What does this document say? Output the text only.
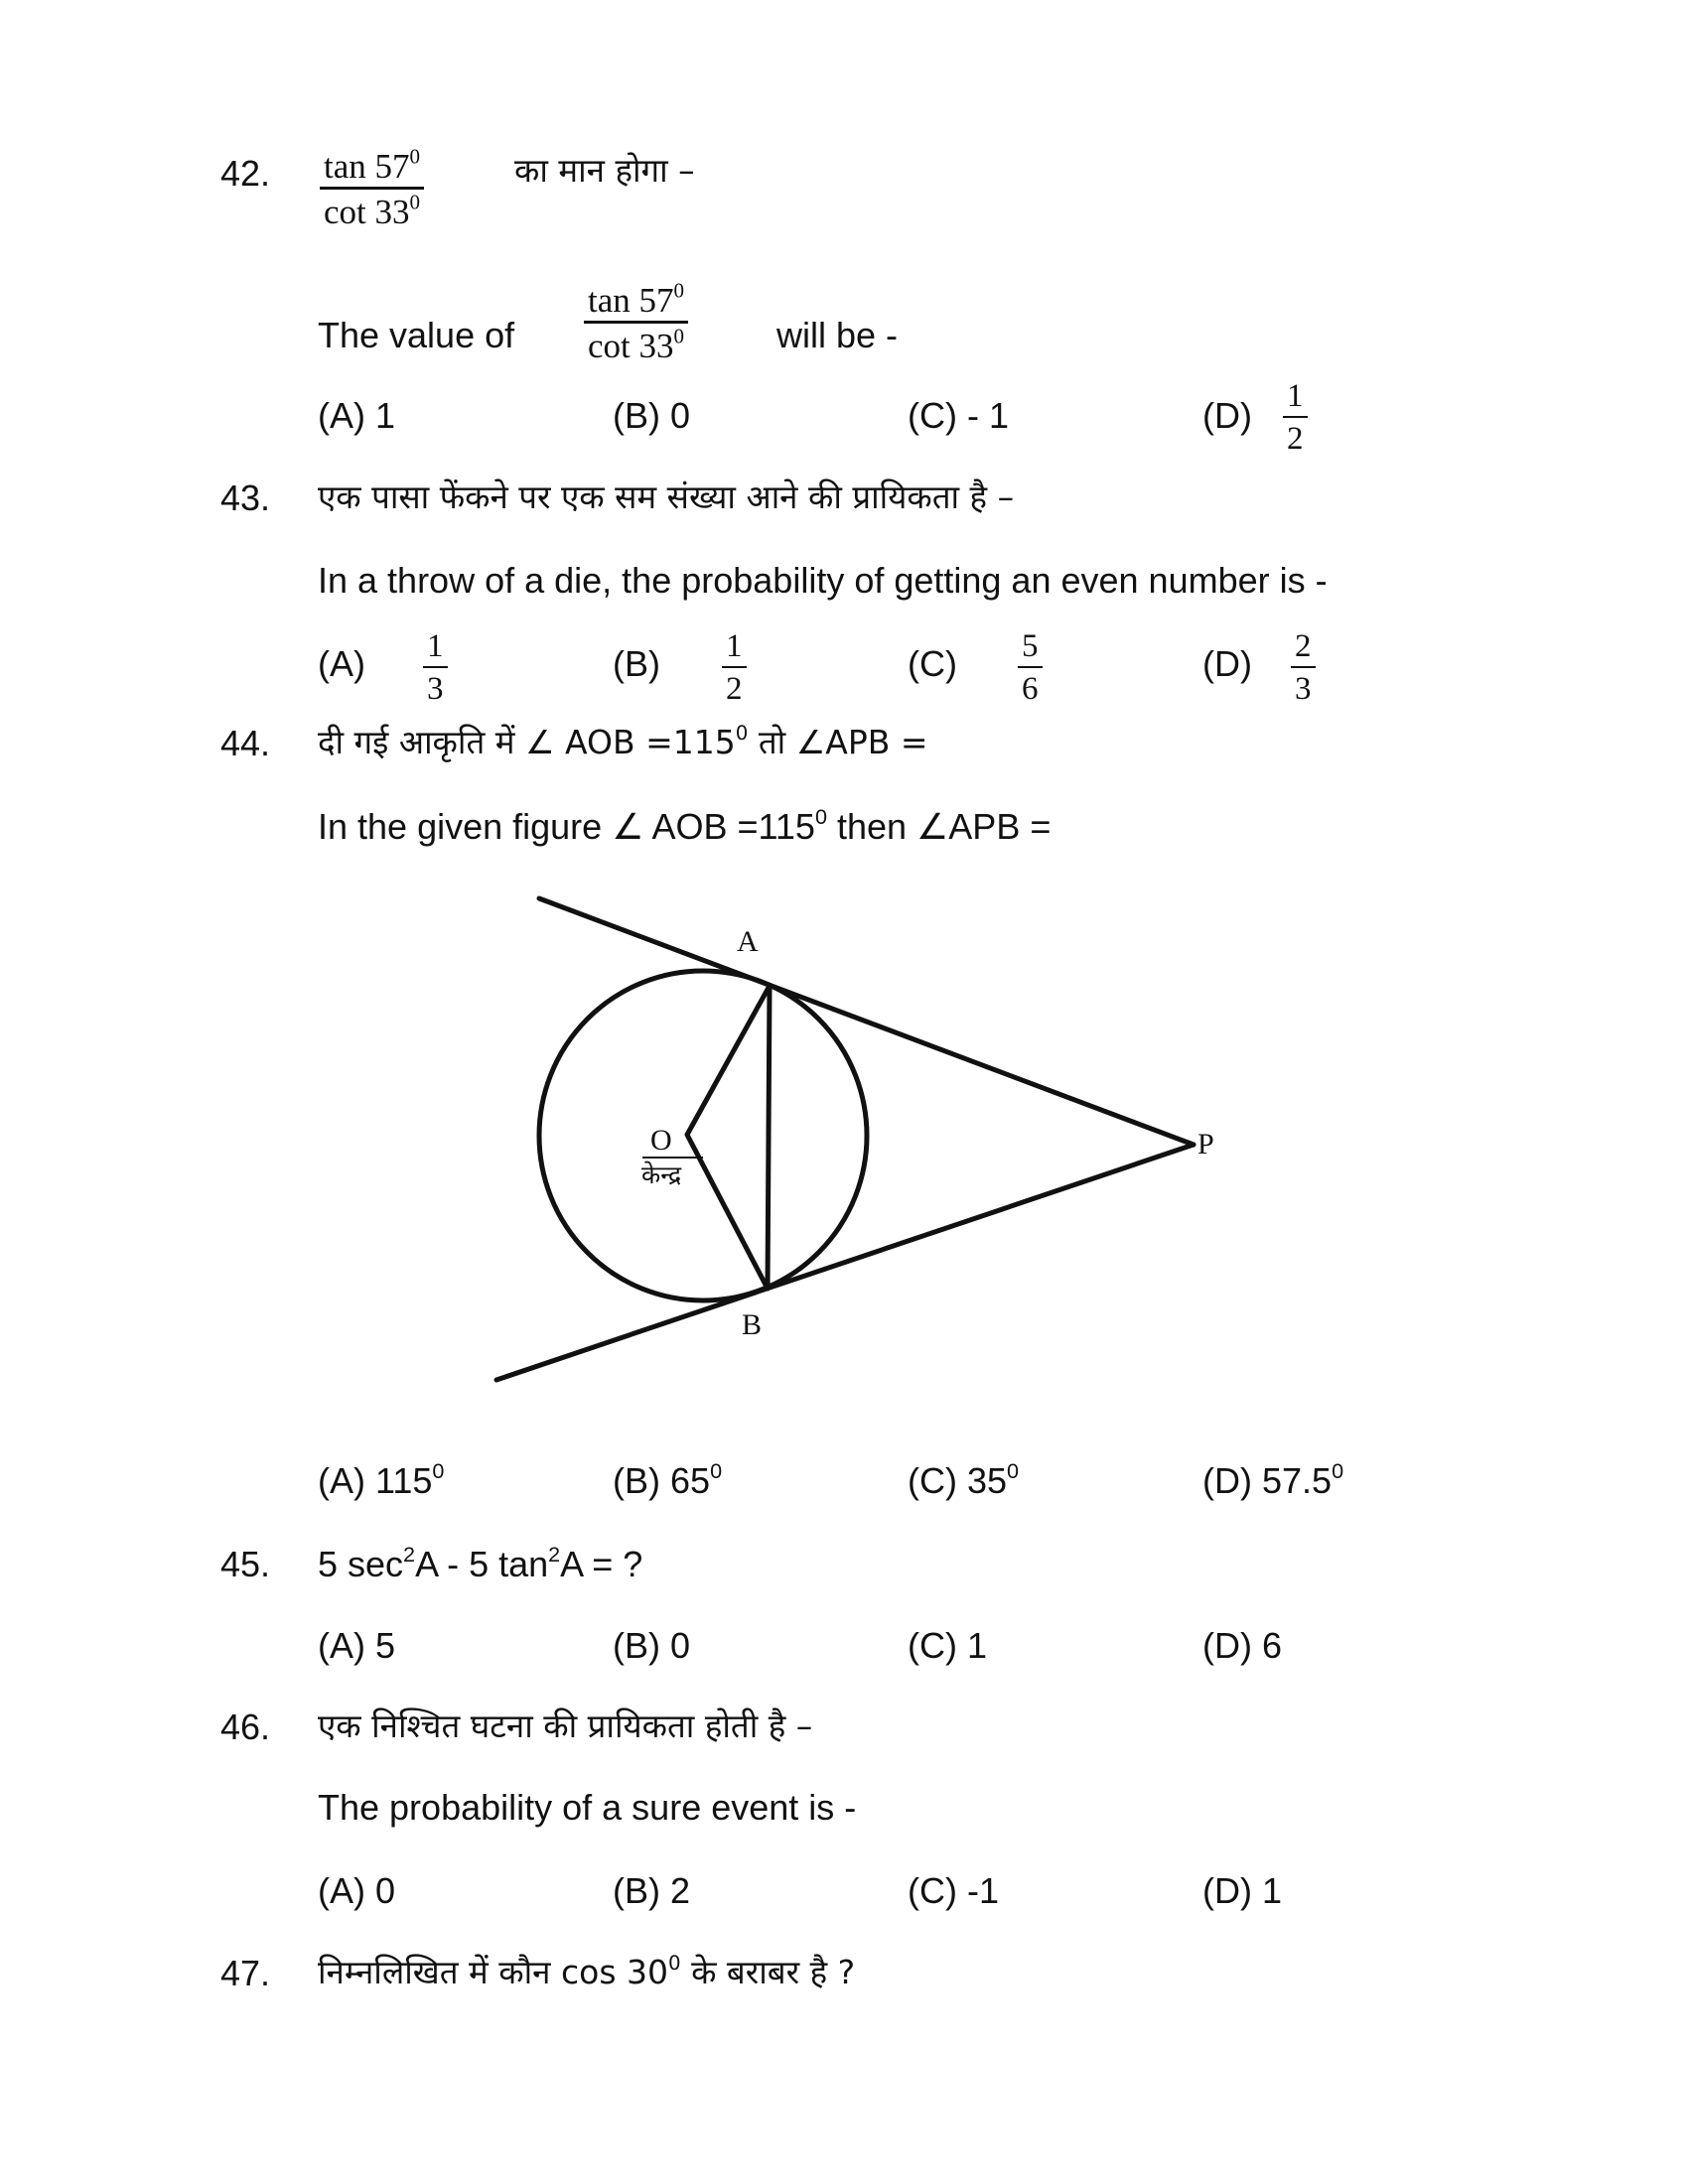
42. $\tan 57^0$
$\cot 33^0$
का मान होगा –
The value of
$\tan 57^0$
$\cot 33^0$	will be -
(A) 1	(B) 0	(C) - 1	(D) 1
2
43. एक पासा फेंकने पर एक सम संख्या आने की प्रायिकता है –
In a throw of a die, the probability of getting an even number is -
(A) 1
3
(B) 1
2
(C) 5
6
(D) 2
3
44. दी गई आकृति में ∠ AOB $=115^0$ तो ∠APB =
In the given figure ∠ AOB $=115^0$ then ∠APB =
A
B
O	P
केन्द्र
(A) $115^0$	(B) $65^0$	(C) $35^0$	(D) 57.5$^0$
45. 5 $\sec^2A - 5$ $\tan^2A$ = ?
(A) 5	(B) 0	(C) 1	(D) 6
46. एक निश्चित घटना की प्रायिकता होती है –
The probability of a sure event is -
(A) 0	(B) 2	(C) -1	(D) 1
47. निम्नलिखित में कौन $\cos 30^0$ के बराबर है ?
